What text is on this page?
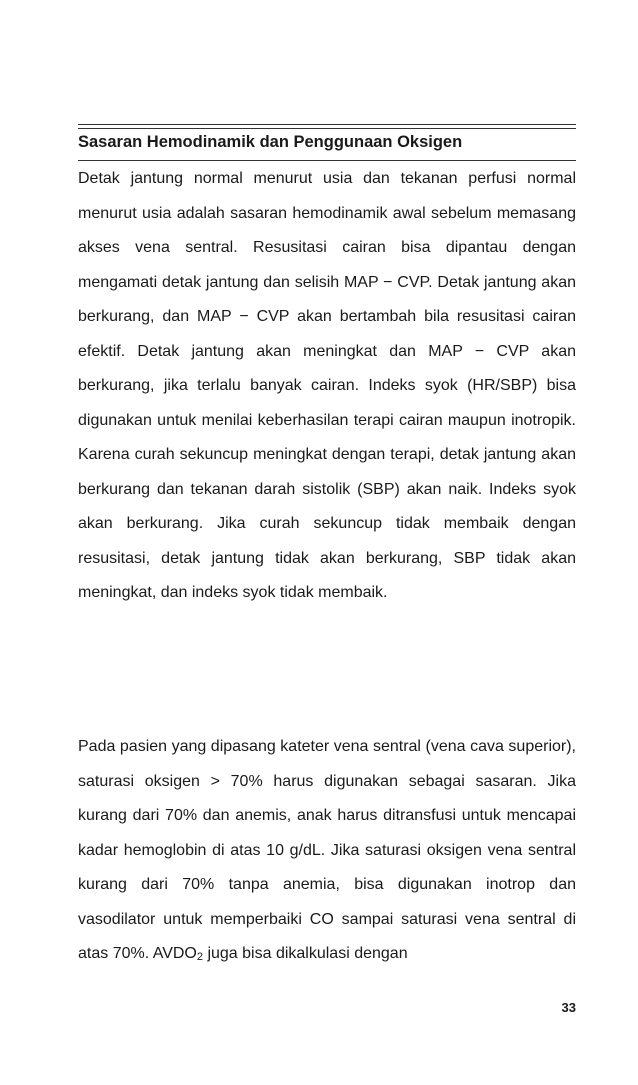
Sasaran Hemodinamik dan Penggunaan Oksigen

Detak jantung normal menurut usia dan tekanan perfusi normal menurut usia adalah sasaran hemodinamik awal sebelum memasang akses vena sentral. Resusitasi cairan bisa dipantau dengan mengamati detak jantung dan selisih MAP − CVP. Detak jantung akan berkurang, dan MAP − CVP akan bertambah bila resusitasi cairan efektif. Detak jantung akan meningkat dan MAP − CVP akan berkurang, jika terlalu banyak cairan. Indeks syok (HR/SBP) bisa digunakan untuk menilai keberhasilan terapi cairan maupun inotropik. Karena curah sekuncup meningkat dengan terapi, detak jantung akan berkurang dan tekanan darah sistolik (SBP) akan naik. Indeks syok akan berkurang. Jika curah sekuncup tidak membaik dengan resusitasi, detak jantung tidak akan berkurang, SBP tidak akan meningkat, dan indeks syok tidak membaik.

Pada pasien yang dipasang kateter vena sentral (vena cava superior), saturasi oksigen > 70% harus digunakan sebagai sasaran. Jika kurang dari 70% dan anemis, anak harus ditransfusi untuk mencapai kadar hemoglobin di atas 10 g/dL. Jika saturasi oksigen vena sentral kurang dari 70% tanpa anemia, bisa digunakan inotrop dan vasodilator untuk memperbaiki CO sampai saturasi vena sentral di atas 70%. $AVDO_2$ juga bisa dikalkulasi dengan

33
